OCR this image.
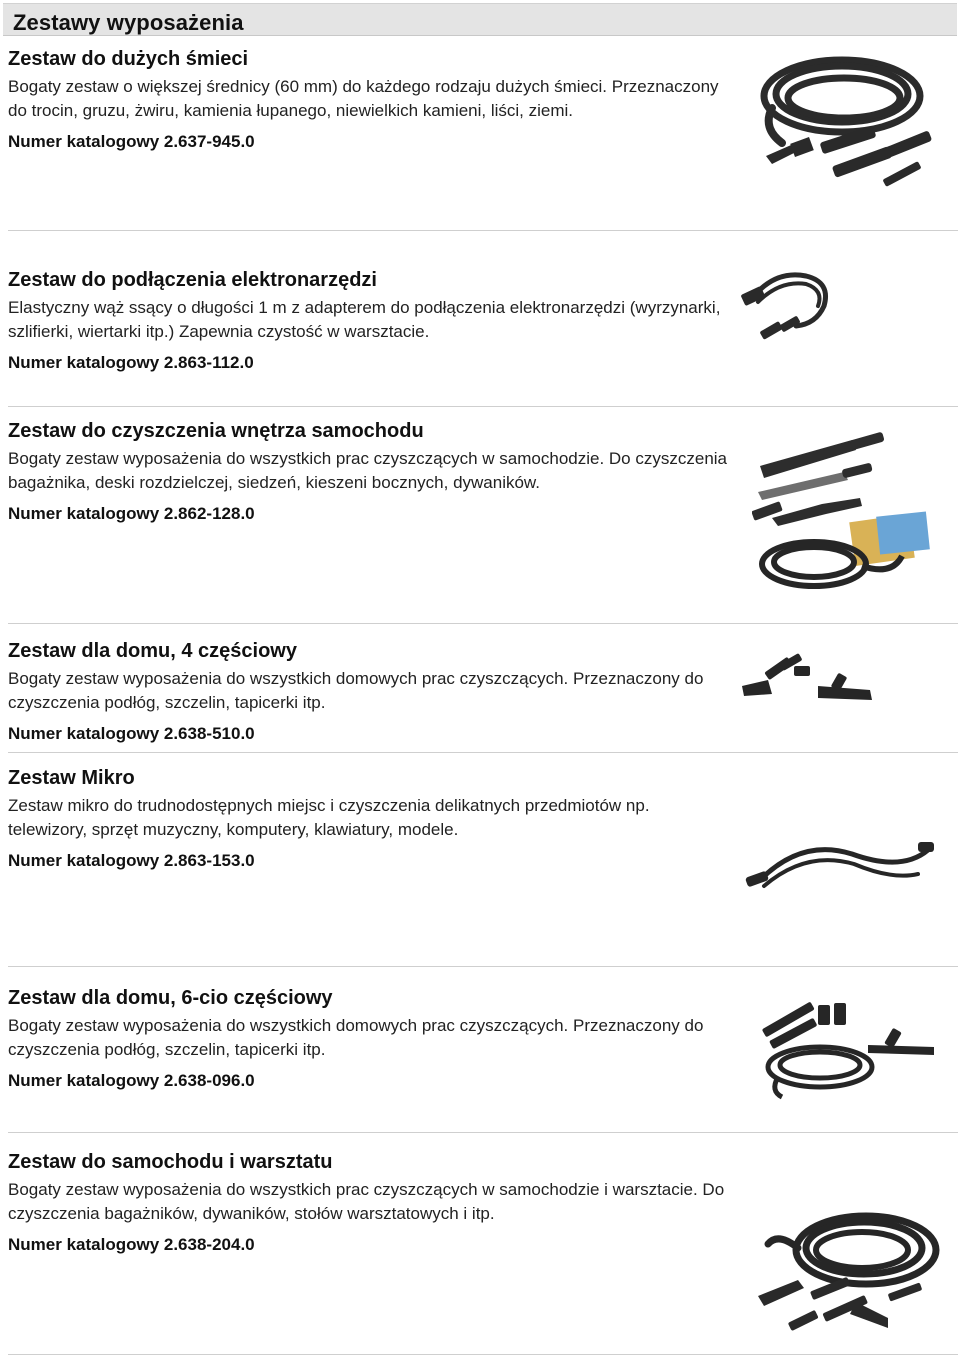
Zestawy wyposażenia
Zestaw do dużych śmieci

Bogaty zestaw o większej średnicy (60 mm) do każdego rodzaju dużych śmieci. Przeznaczony do trocin, gruzu, żwiru, kamienia łupanego, niewielkich kamieni, liści, ziemi.

Numer katalogowy 2.637-945.0
Zestaw do podłączenia elektronarzędzi

Elastyczny wąż ssący o długości 1 m z adapterem do podłączenia elektronarzędzi (wyrzynarki, szlifierki, wiertarki itp.) Zapewnia czystość w warsztacie.

Numer katalogowy 2.863-112.0
Zestaw do czyszczenia wnętrza samochodu

Bogaty zestaw wyposażenia do wszystkich prac czyszczących w samochodzie. Do czyszczenia bagażnika, deski rozdzielczej, siedzeń, kieszeni bocznych, dywaników.

Numer katalogowy 2.862-128.0
Zestaw dla domu, 4 częściowy

Bogaty zestaw wyposażenia do wszystkich domowych prac czyszczących. Przeznaczony do czyszczenia podłóg, szczelin, tapicerki itp.

Numer katalogowy 2.638-510.0
Zestaw Mikro

Zestaw mikro do trudnodostępnych miejsc i czyszczenia delikatnych przedmiotów np. telewizory, sprzęt muzyczny, komputery, klawiatury, modele.

Numer katalogowy 2.863-153.0
Zestaw dla domu, 6-cio częściowy

Bogaty zestaw wyposażenia do wszystkich domowych prac czyszczących. Przeznaczony do czyszczenia podłóg, szczelin, tapicerki itp.

Numer katalogowy 2.638-096.0
Zestaw do samochodu i warsztatu

Bogaty zestaw wyposażenia do wszystkich prac czyszczących w samochodzie i warsztacie. Do czyszczenia bagażników, dywaników, stołów warsztatowych i itp.

Numer katalogowy 2.638-204.0
